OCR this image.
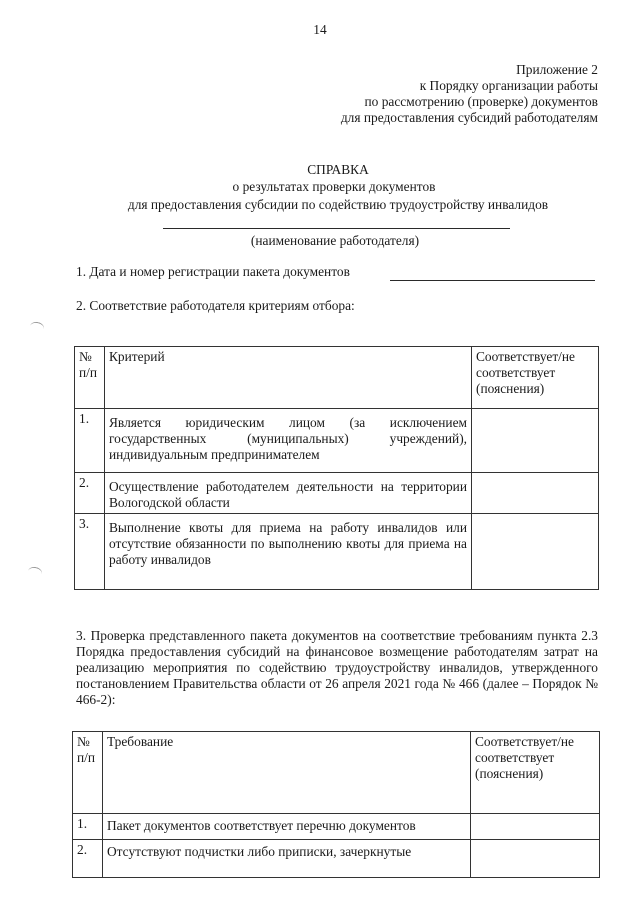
14
Приложение 2
к Порядку организации работы
по рассмотрению (проверке) документов
для предоставления субсидий работодателям
СПРАВКА
о результатах проверки документов
для предоставления субсидии по содействию трудоустройству инвалидов
(наименование работодателя)
1. Дата и номер регистрации пакета документов
2. Соответствие работодателя критериям отбора:
№ п/п	Критерий	Соответствует/не соответствует (пояснения)
1.	Является юридическим лицом (за исключением государственных (муниципальных) учреждений), индивидуальным предпринимателем	
2.	Осуществление работодателем деятельности на территории Вологодской области	
3.	Выполнение квоты для приема на работу инвалидов или отсутствие обязанности по выполнению квоты для приема на работу инвалидов	

3. Проверка представленного пакета документов на соответствие требованиям пункта 2.3 Порядка предоставления субсидий на финансовое возмещение работодателям затрат на реализацию мероприятия по содействию трудоустройству инвалидов, утвержденного постановлением Правительства области от 26 апреля 2021 года № 466 (далее – Порядок № 466-2):

№ п/п	Требование	Соответствует/не соответствует (пояснения)
1.	Пакет документов соответствует перечню документов	
2.	Отсутствуют подчистки либо приписки, зачеркнутые	
